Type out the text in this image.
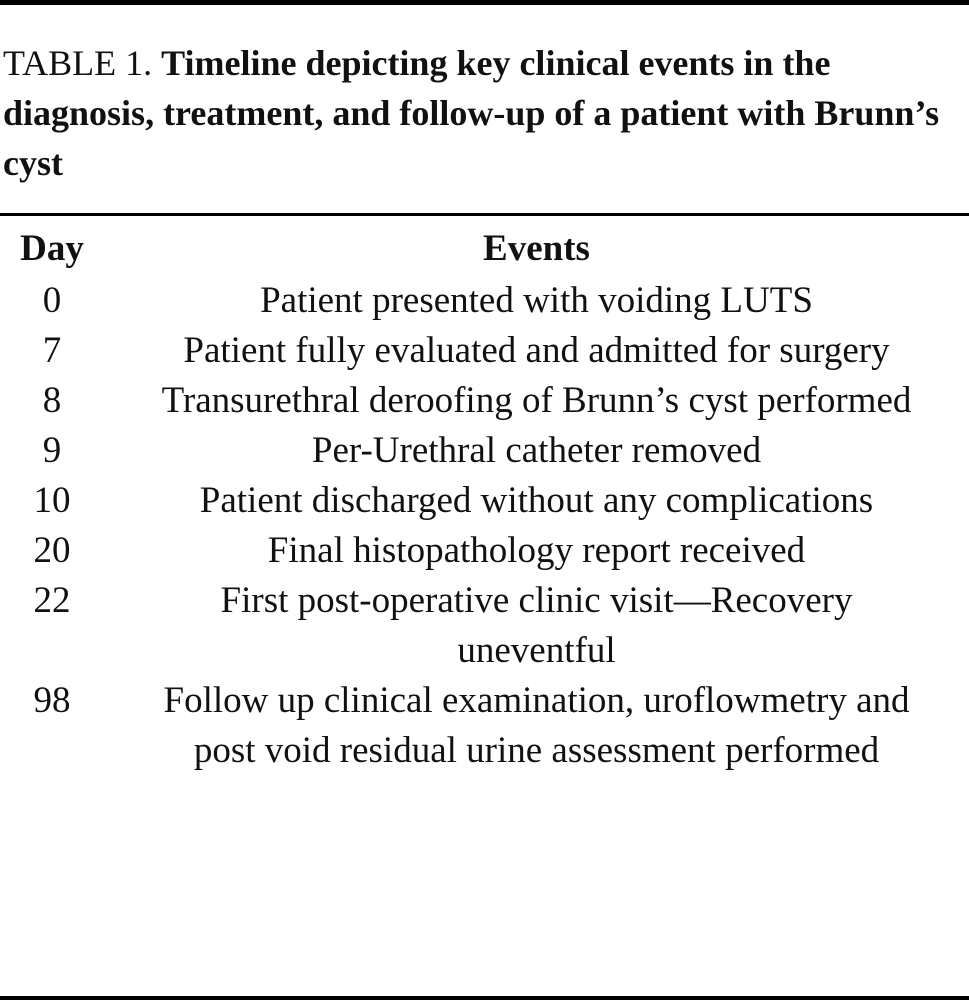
TABLE 1. Timeline depicting key clinical events in the diagnosis, treatment, and follow-up of a patient with Brunn’s cyst
Day	Events
0	Patient presented with voiding LUTS

7	Patient fully evaluated and admitted for surgery

8	Transurethral deroofing of Brunn’s cyst performed

9	Per-Urethral catheter removed

10	Patient discharged without any complications

20	Final histopathology report received

22	First post-operative clinic visit—Recovery uneventful

98	Follow up clinical examination, uroflowmetry and post void residual urine assessment performed
